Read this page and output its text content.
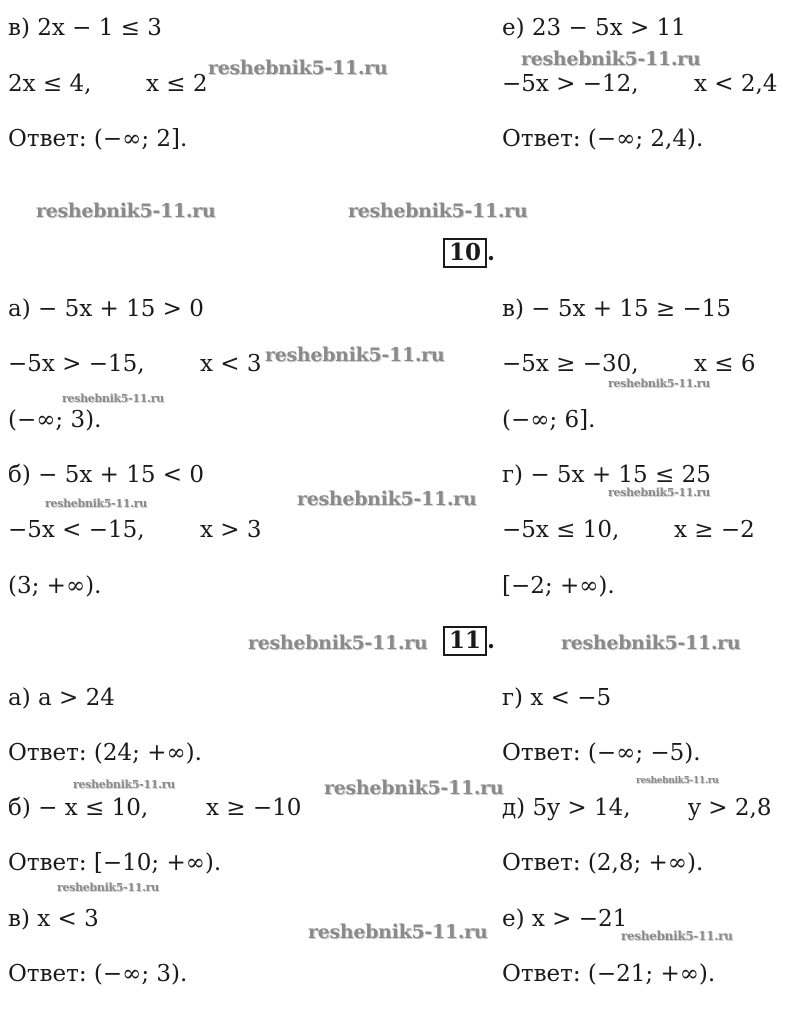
в) 2x − 1 ≤ 3
2x ≤ 4, x ≤ 2
Ответ: (−∞; 2].
е) 23 − 5x > 11
−5x > −12, x < 2,4
Ответ: (−∞; 2,4).
10 .
а) − 5x + 15 > 0
−5x > −15, x < 3
(−∞; 3).
в) − 5x + 15 ≥ −15
−5x ≥ −30, x ≤ 6
(−∞; 6].
б) − 5x + 15 < 0
−5x < −15, x > 3
(3; +∞).
г) − 5x + 15 ≤ 25
−5x ≤ 10, x ≥ −2
[−2; +∞).
11 .
а) a > 24
Ответ: (24; +∞).
г) x < −5
Ответ: (−∞; −5).
б) − x ≤ 10,	x ≥ −10
Ответ: [−10; +∞).
д) 5y > 14, y > 2,8
Ответ: (2,8; +∞).
в) x < 3
Ответ: (−∞; 3).
е) x > −21
Ответ: (−21; +∞).
reshebnik5-11.ru	reshebnik5-11.ru
reshebnik5-11.ru	reshebnik5-11.ru
reshebnik5-11.ru
reshebnik5-11.ru
reshebnik5-11.ru
reshebnik5-11.ru
reshebnik5-11.ru	reshebnik5-11.ru
reshebnik5-11.ru	reshebnik5-11.ru
reshebnik5-11.ru	reshebnik5-11.ru	reshebnik5-11.ru
reshebnik5-11.ru
reshebnik5-11.ru	reshebnik5-11.ru
